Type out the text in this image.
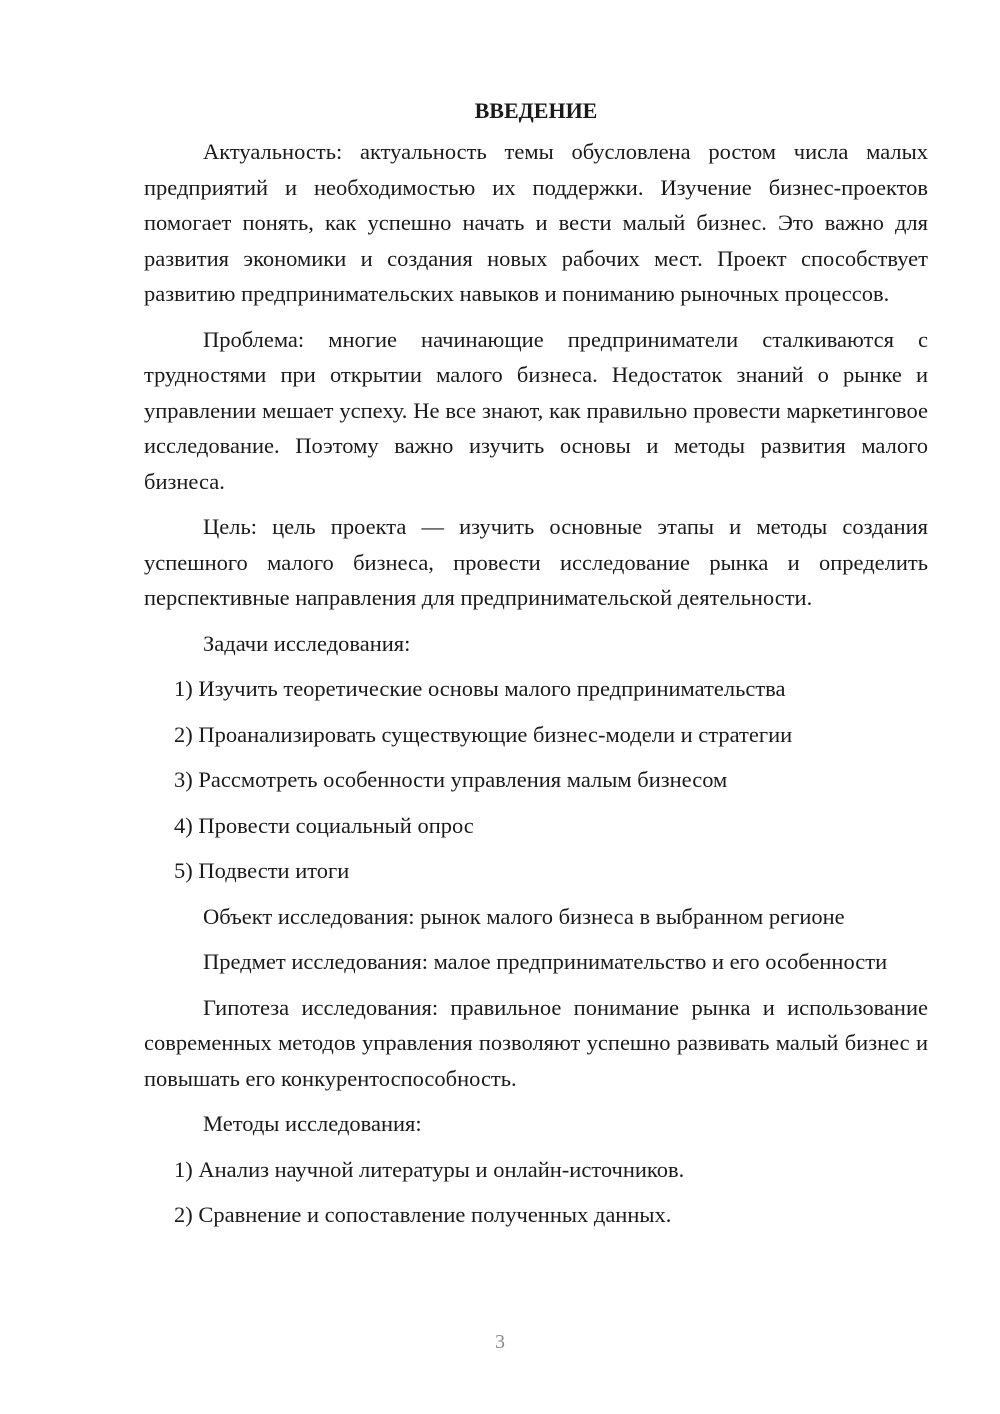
ВВЕДЕНИЕ

Актуальность: актуальность темы обусловлена ростом числа малых предприятий и необходимостью их поддержки. Изучение бизнес-проектов помогает понять, как успешно начать и вести малый бизнес. Это важно для развития экономики и создания новых рабочих мест. Проект способствует развитию предпринимательских навыков и пониманию рыночных процессов.

Проблема: многие начинающие предприниматели сталкиваются с трудностями при открытии малого бизнеса. Недостаток знаний о рынке и управлении мешает успеху. Не все знают, как правильно провести маркетинговое исследование. Поэтому важно изучить основы и методы развития малого бизнеса.

Цель: цель проекта — изучить основные этапы и методы создания успешного малого бизнеса, провести исследование рынка и определить перспективные направления для предпринимательской деятельности.

Задачи исследования:

1) Изучить теоретические основы малого предпринимательства

2) Проанализировать существующие бизнес-модели и стратегии

3) Рассмотреть особенности управления малым бизнесом

4) Провести социальный опрос

5) Подвести итоги

Объект исследования: рынок малого бизнеса в выбранном регионе

Предмет исследования: малое предпринимательство и его особенности

Гипотеза исследования: правильное понимание рынка и использование современных методов управления позволяют успешно развивать малый бизнес и повышать его конкурентоспособность.

Методы исследования:

1) Анализ научной литературы и онлайн-источников.

2) Сравнение и сопоставление полученных данных.

3
